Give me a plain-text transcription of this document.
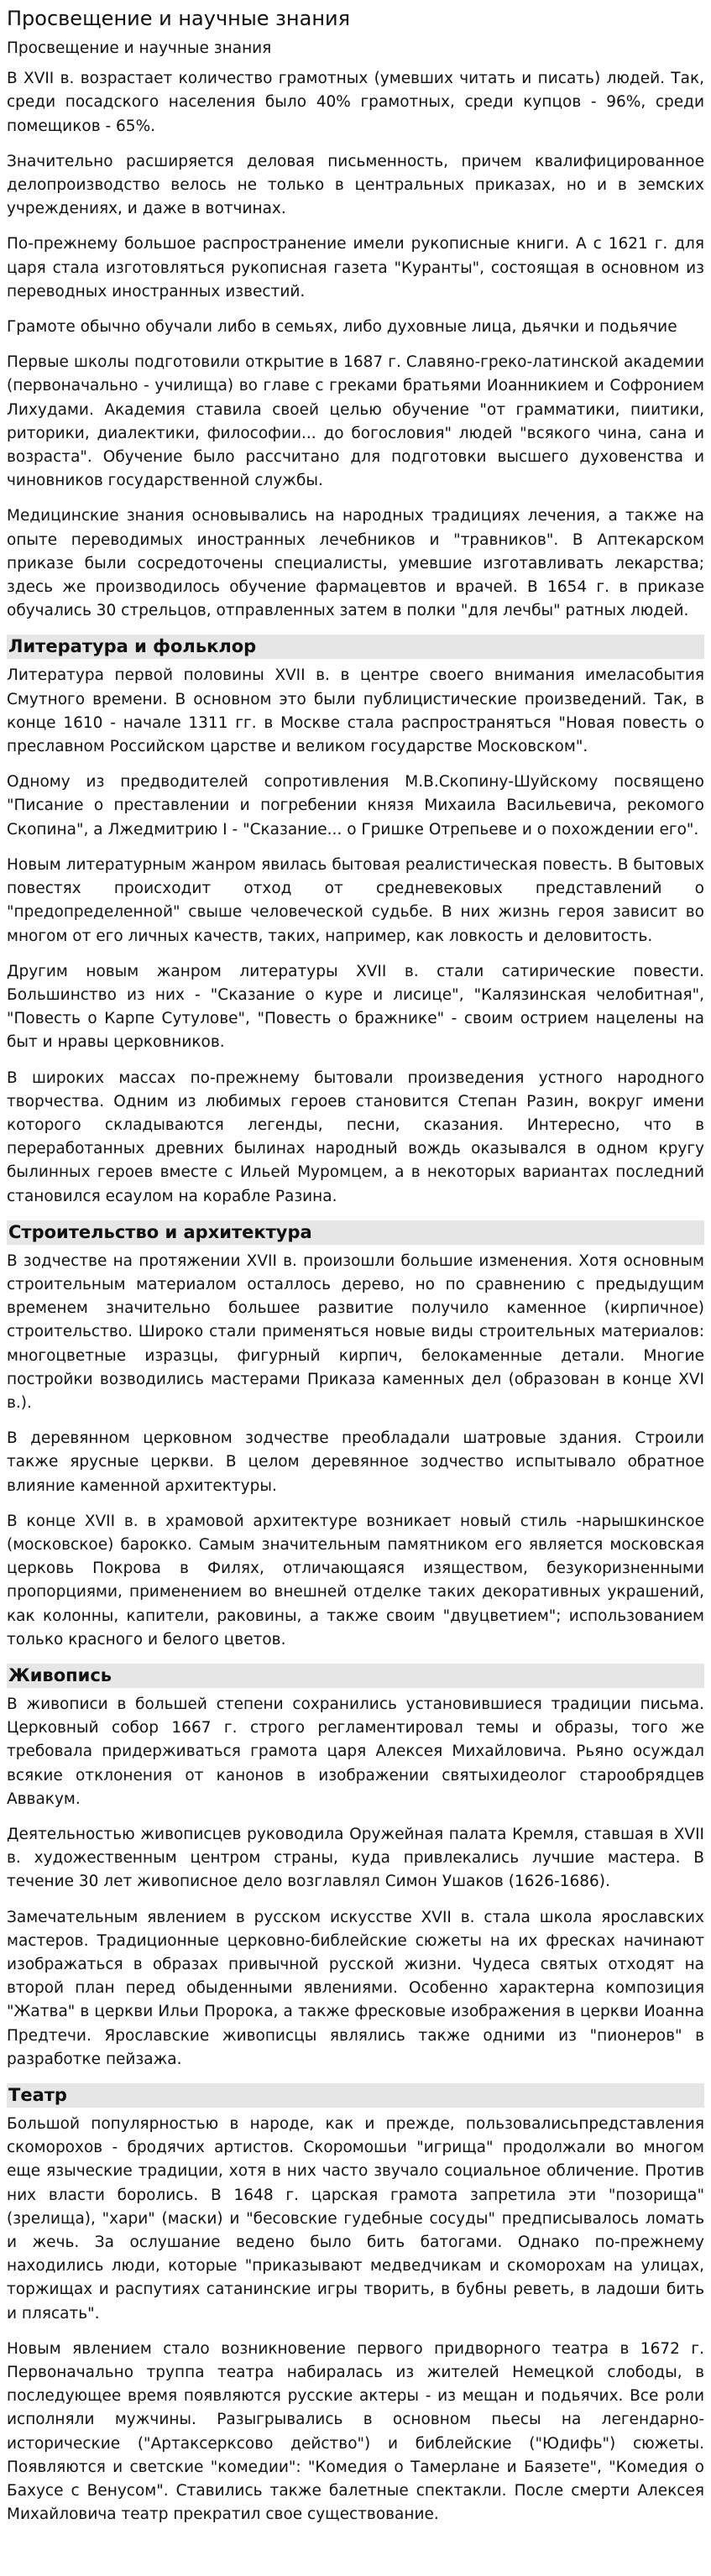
Просвещение и научные знания
Просвещение и научные знания

В XVII в. возрастает количество грамотных (умевших читать и писать) людей. Так, среди посадского населения было 40% грамотных, среди купцов - 96%, среди помещиков - 65%.

Значительно расширяется деловая письменность, причем квалифицированное делопроизводство велось не только в центральных приказах, но и в земских учреждениях, и даже в вотчинах.

По-прежнему большое распространение имели рукописные книги. А с 1621 г. для царя стала изготовляться рукописная газета "Куранты", состоящая в основном из переводных иностранных известий.

Грамоте обычно обучали либо в семьях, либо духовные лица, дьячки и подьячие

Первые школы подготовили открытие в 1687 г. Славяно-греко-латинской академии (первоначально - училища) во главе с греками братьями Иоанникием и Софронием Лихудами. Академия ставила своей целью обучение "от грамматики, пиитики, риторики, диалектики, философии... до богословия" людей "всякого чина, сана и возраста". Обучение было рассчитано для подготовки высшего духовенства и чиновников государственной службы.

Медицинские знания основывались на народных традициях лечения, а также на опыте переводимых иностранных лечебников и "травников". В Аптекарском приказе были сосредоточены специалисты, умевшие изготавливать лекарства; здесь же производилось обучение фармацевтов и врачей. В 1654 г. в приказе обучались 30 стрельцов, отправленных затем в полки "для лечбы" ратных людей.

Литература и фольклор

Литература первой половины XVII в. в центре своего внимания имеласобытия Смутного времени. В основном это были публицистические произведений. Так, в конце 1610 - начале 1311 гг. в Москве стала распространяться "Новая повесть о преславном Российском царстве и великом государстве Московском".

Одному из предводителей сопротивления М.В.Скопину-Шуйскому посвящено "Писание о преставлении и погребении князя Михаила Васильевича, рекомого Скопина", а Лжедмитрию I - "Сказание... о Гришке Отрепьеве и о похождении его".

Новым литературным жанром явилась бытовая реалистическая повесть. В бытовых повестях происходит отход от средневековых представлений о "предопределенной" свыше человеческой судьбе. В них жизнь героя зависит во многом от его личных качеств, таких, например, как ловкость и деловитость.

Другим новым жанром литературы XVII в. стали сатирические повести. Большинство из них - "Сказание о куре и лисице", "Калязинская челобитная", "Повесть о Карпе Сутулове", "Повесть о бражнике" - своим острием нацелены на быт и нравы церковников.

В широких массах по-прежнему бытовали произведения устного народного творчества. Одним из любимых героев становится Степан Разин, вокруг имени которого складываются легенды, песни, сказания. Интересно, что в переработанных древних былинах народный вождь оказывался в одном кругу былинных героев вместе с Ильей Муромцем, а в некоторых вариантах последний становился есаулом на корабле Разина.

Строительство и архитектура

В зодчестве на протяжении XVII в. произошли большие изменения. Хотя основным строительным материалом осталлось дерево, но по сравнению с предыдущим временем значительно большее развитие получило каменное (кирпичное) строительство. Широко стали применяться новые виды строительных материалов: многоцветные изразцы, фигурный кирпич, белокаменные детали. Многие постройки возводились мастерами Приказа каменных дел (образован в конце XVI в.).

В деревянном церковном зодчестве преобладали шатровые здания. Строили также ярусные церкви. В целом деревянное зодчество испытывало обратное влияние каменной архитектуры.

В конце XVII в. в храмовой архитектуре возникает новый стиль -нарышкинское (московское) барокко. Самым значительным памятником его является московская церковь Покрова в Филях, отличающаяся изяществом, безукоризненными пропорциями, применением во внешней отделке таких декоративных украшений, как колонны, капители, раковины, а также своим "двуцветием"; использованием только красного и белого цветов.

Живопись

В живописи в большей степени сохранились установившиеся традиции письма. Церковный собор 1667 г. строго регламентировал темы и образы, того же требовала придерживаться грамота царя Алексея Михайловича. Рьяно осуждал всякие отклонения от канонов в изображении святыхидеолог старообрядцев Аввакум.

Деятельностью живописцев руководила Оружейная палата Кремля, ставшая в XVII в. художественным центром страны, куда привлекались лучшие мастера. В течение 30 лет живописное дело возглавлял Симон Ушаков (1626-1686).

Замечательным явлением в русском искусстве XVII в. стала школа ярославских мастеров. Традиционные церковно-библейские сюжеты на их фресках начинают изображаться в образах привычной русской жизни. Чудеса святых отходят на второй план перед обыденными явлениями. Особенно характерна композиция "Жатва" в церкви Ильи Пророка, а также фресковые изображения в церкви Иоанна Предтечи. Ярославские живописцы являлись также одними из "пионеров" в разработке пейзажа.

Театр

Большой популярностью в народе, как и прежде, пользовалисьпредставления скоморохов - бродячих артистов. Скоромошьи "игрища" продолжали во многом еще языческие традиции, хотя в них часто звучало социальное обличение. Против них власти боролись. В 1648 г. царская грамота запретила эти "позорища" (зрелища), "хари" (маски) и "бесовские гудебные сосуды" предписывалось ломать и жечь. За ослушание ведено было бить батогами. Однако по-прежнему находились люди, которые "приказывают медведчикам и скоморохам на улицах, торжищах и распутиях сатанинские игры творить, в бубны реветь, в ладоши бить и плясать".

Новым явлением стало возникновение первого придворного театра в 1672 г. Первоначально труппа театра набиралась из жителей Немецкой слободы, в последующее время появляются русские актеры - из мещан и подьячих. Все роли исполняли мужчины. Разыгрывались в основном пьесы на легендарно-исторические ("Артаксерксово действо") и библейские ("Юдифь") сюжеты. Появляются и светские "комедии": "Комедия о Тамерлане и Баязете", "Комедия о Бахусе с Венусом". Ставились также балетные спектакли. После смерти Алексея Михайловича театр прекратил свое существование.
